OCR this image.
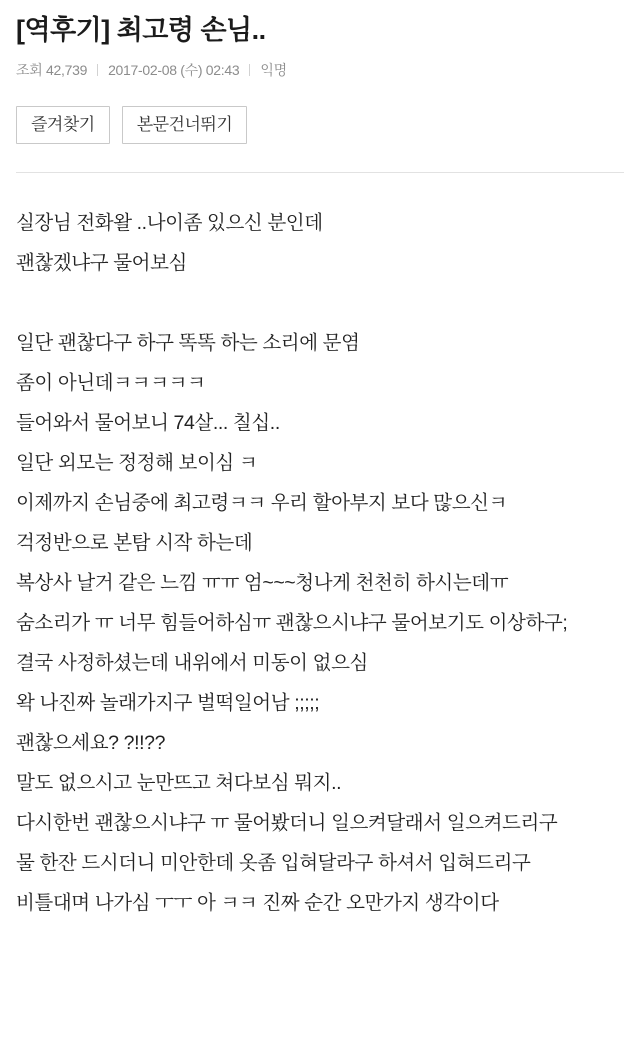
[역후기] 최고령 손님..
조회 42,739 2017-02-08 (수) 02:43 익명
즐겨찾기	본문건너뛰기

실장님 전화왈 ..나이좀 있으신 분인데

괜찮겠냐구 물어보심

일단 괜찮다구 하구 똑똑 하는 소리에 문염

좀이 아닌데ㅋㅋㅋㅋㅋ

들어와서 물어보니 74살... 칠십..

일단 외모는 정정해 보이심 ㅋ

이제까지 손님중에 최고령ㅋㅋ 우리 할아부지 보다 많으신ㅋ

걱정반으로 본탐 시작 하는데

복상사 날거 같은 느낌 ㅠㅠ 엄~~~청나게 천천히 하시는데ㅠ

숨소리가 ㅠ 너무 힘들어하심ㅠ 괜찮으시냐구 물어보기도 이상하구;

결국 사정하셨는데 내위에서 미동이 없으심

왁 나진짜 놀래가지구 벌떡일어남 ;;;;;

괜찮으세요? ?!!??

말도 없으시고 눈만뜨고 쳐다보심 뭐지..

다시한번 괜찮으시냐구 ㅠ 물어봤더니 일으켜달래서 일으켜드리구

물 한잔 드시더니 미안한데 옷좀 입혀달라구 하셔서 입혀드리구

비틀대며 나가심 ㅜㅜ 아 ㅋㅋ 진짜 순간 오만가지 생각이다
